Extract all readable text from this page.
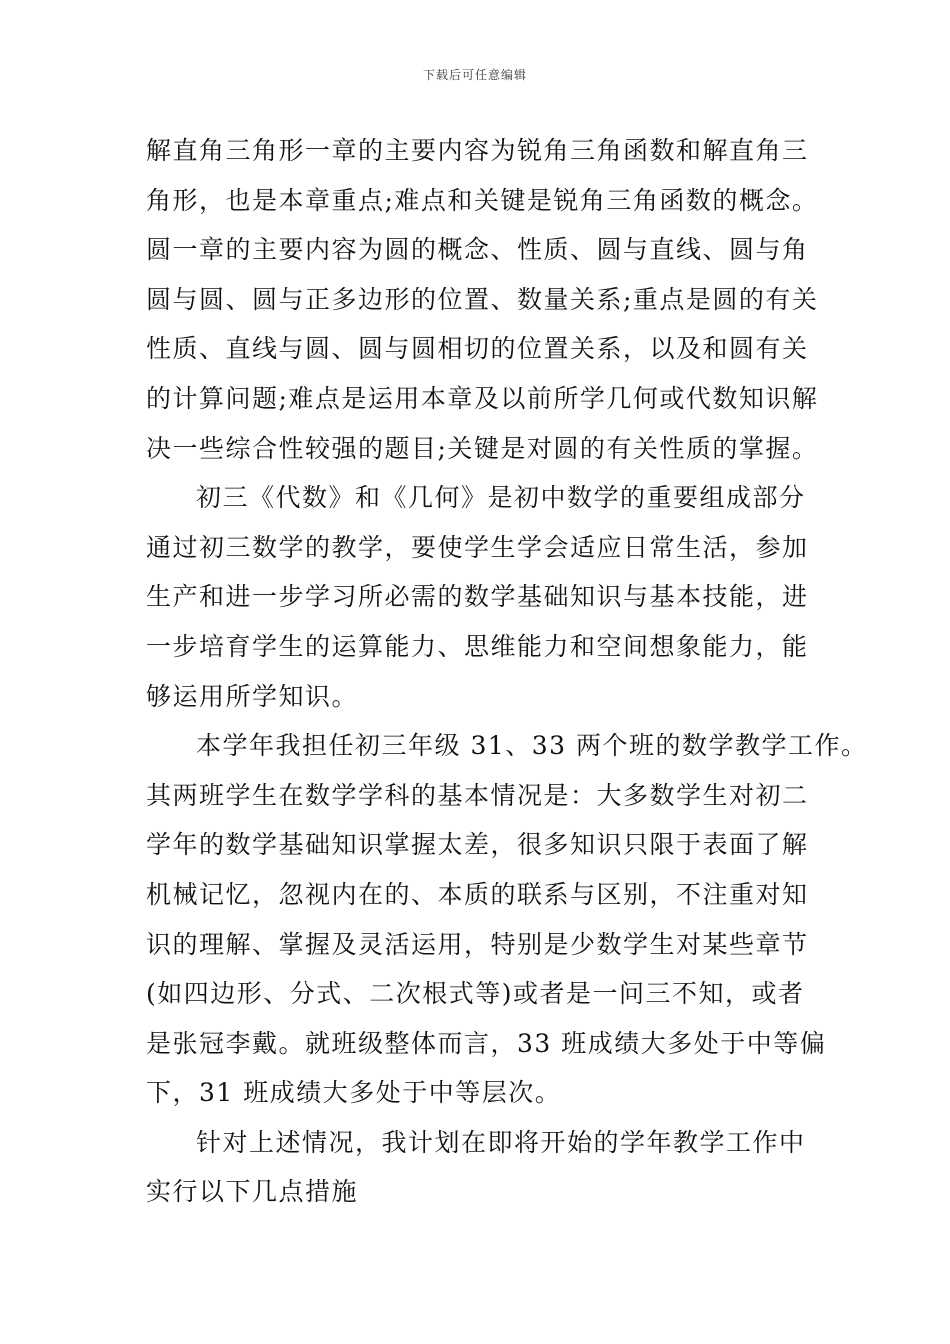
下载后可任意编辑
解直角三角形一章的主要内容为锐角三角函数和解直角三
角形，也是本章重点;难点和关键是锐角三角函数的概念。
圆一章的主要内容为圆的概念、性质、圆与直线、圆与角
圆与圆、圆与正多边形的位置、数量关系;重点是圆的有关
性质、直线与圆、圆与圆相切的位置关系，以及和圆有关
的计算问题;难点是运用本章及以前所学几何或代数知识解
决一些综合性较强的题目;关键是对圆的有关性质的掌握。
初三《代数》和《几何》是初中数学的重要组成部分
通过初三数学的教学，要使学生学会适应日常生活，参加
生产和进一步学习所必需的数学基础知识与基本技能，进
一步培育学生的运算能力、思维能力和空间想象能力，能
够运用所学知识。
本学年我担任初三年级 31、33 两个班的数学教学工作。
其两班学生在数学学科的基本情况是：大多数学生对初二
学年的数学基础知识掌握太差，很多知识只限于表面了解
机械记忆，忽视内在的、本质的联系与区别，不注重对知
识的理解、掌握及灵活运用，特别是少数学生对某些章节
(如四边形、分式、二次根式等)或者是一问三不知，或者
是张冠李戴。就班级整体而言，33 班成绩大多处于中等偏
下，31 班成绩大多处于中等层次。
针对上述情况，我计划在即将开始的学年教学工作中
实行以下几点措施
